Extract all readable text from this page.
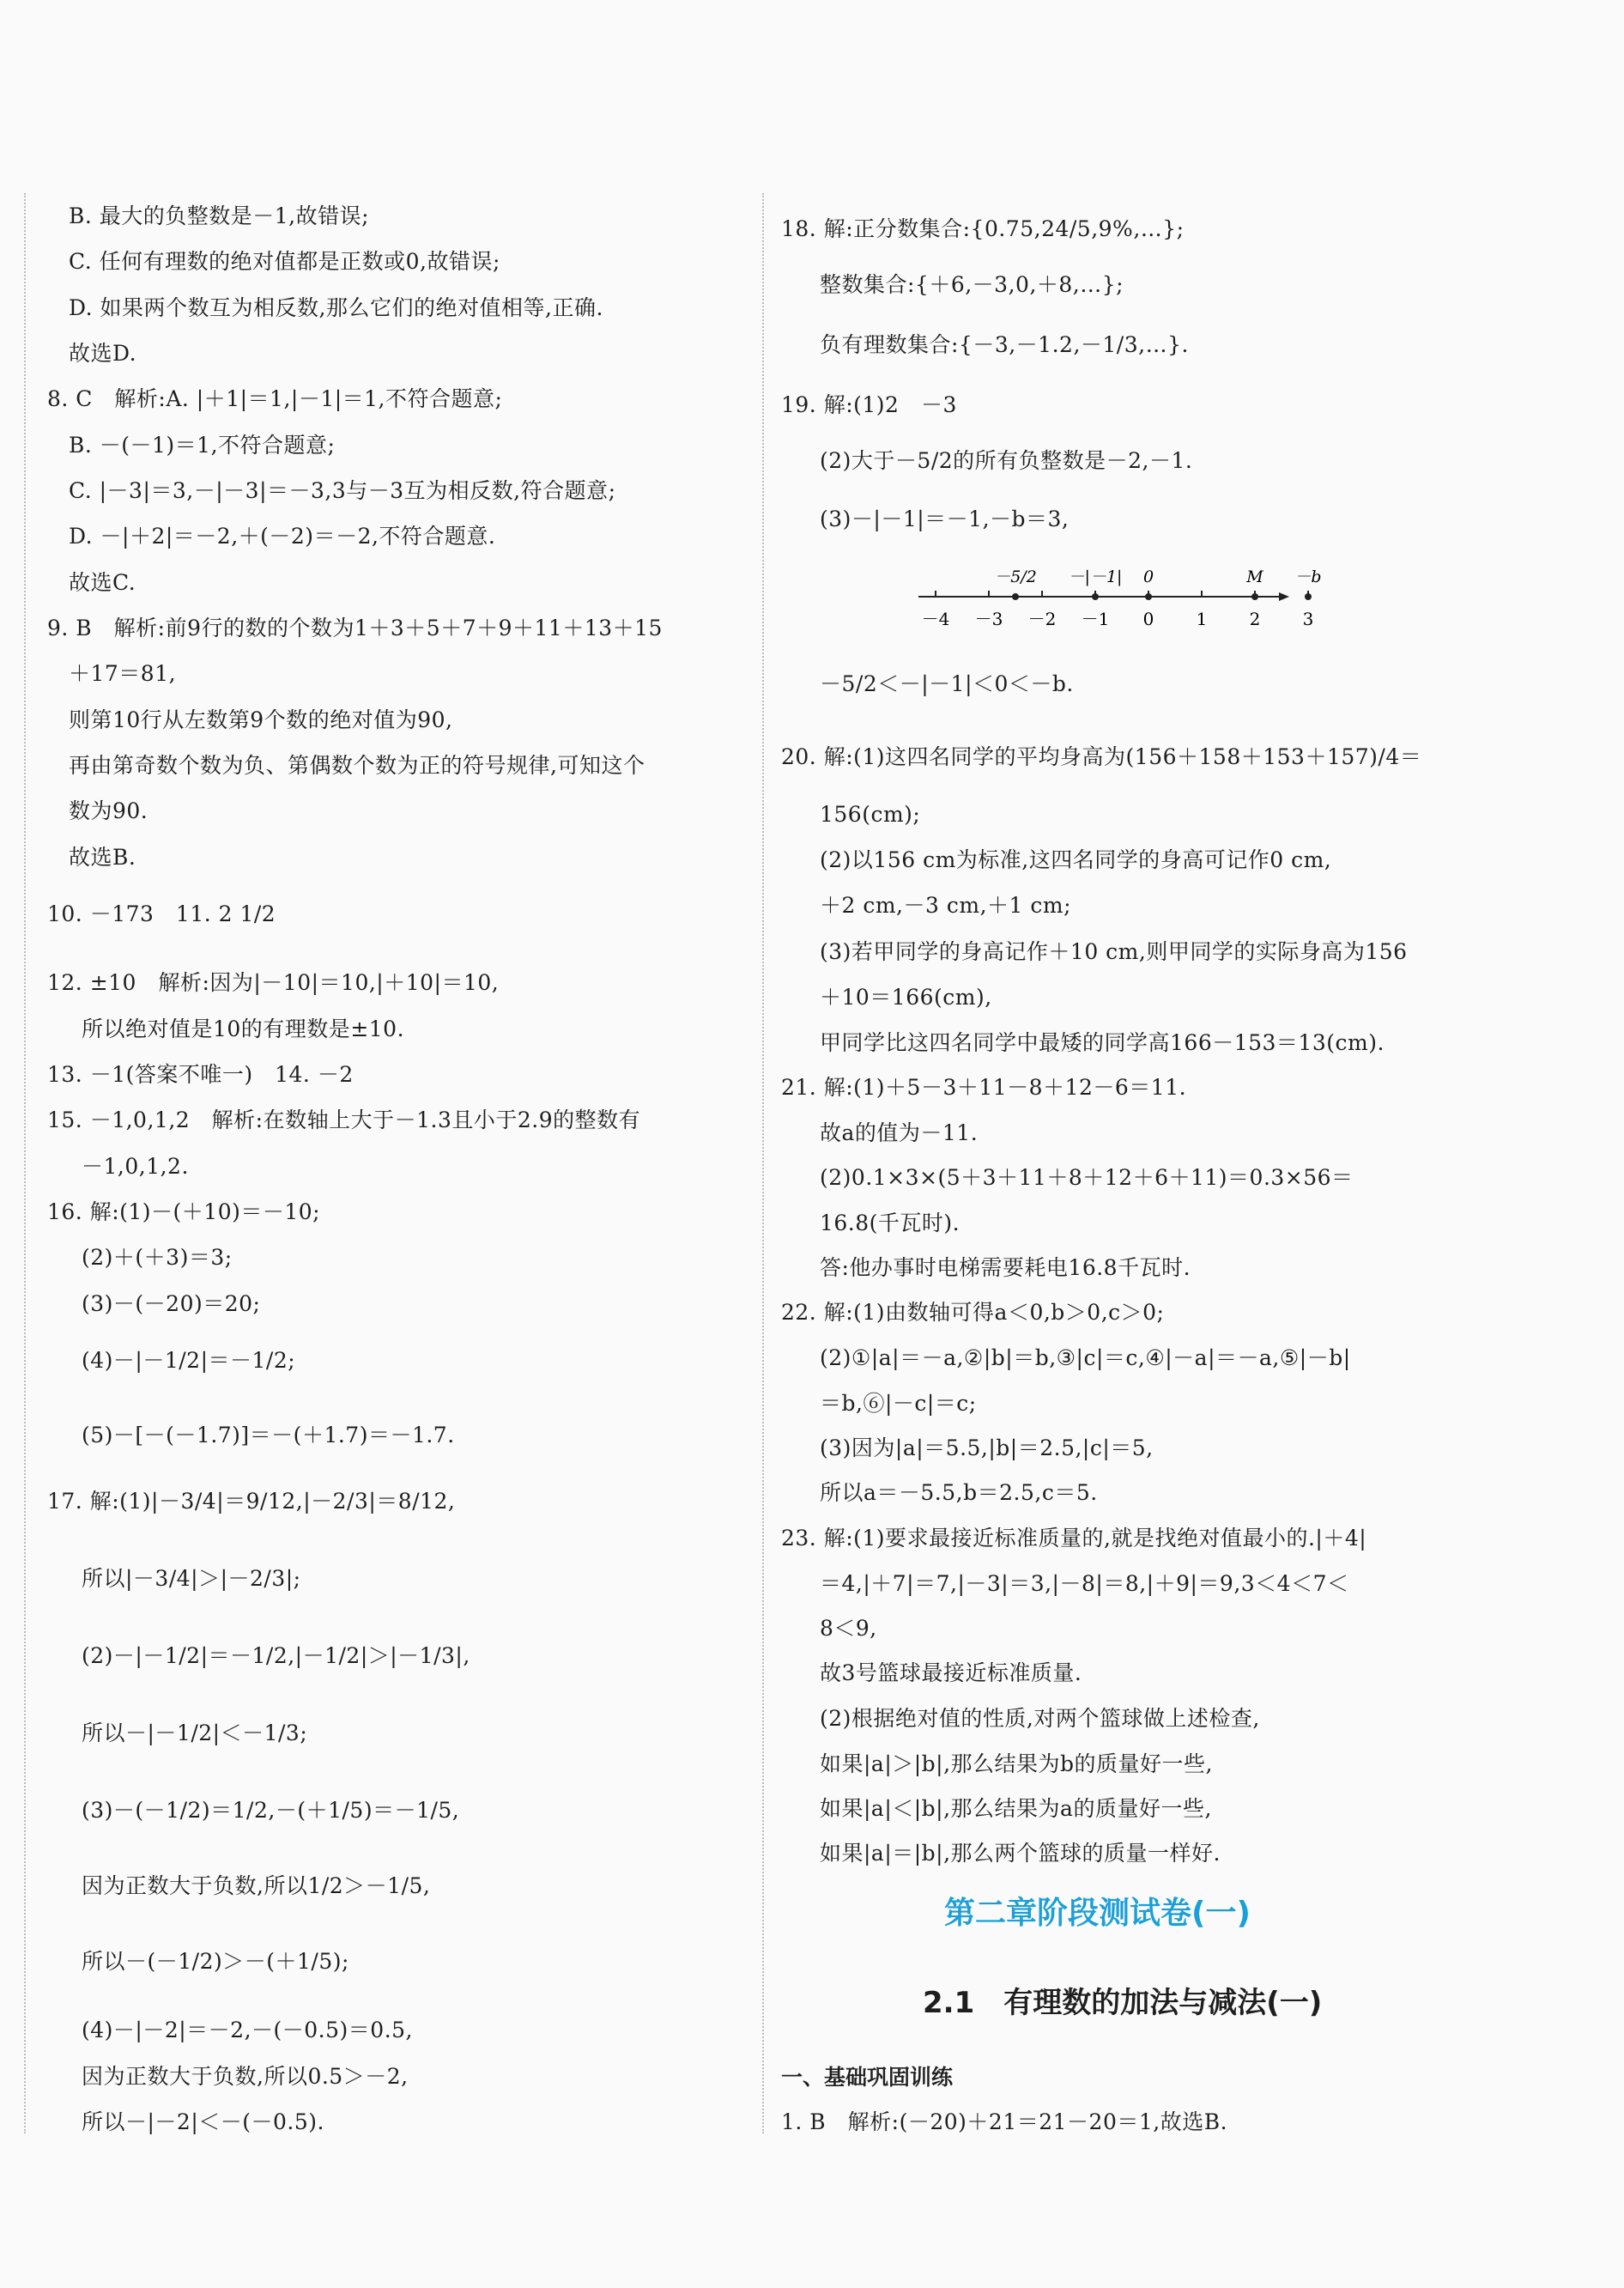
B. 最大的负整数是－1,故错误;
C. 任何有理数的绝对值都是正数或0,故错误;
D. 如果两个数互为相反数,那么它们的绝对值相等,正确.
故选D.
8. C　解析:A. |＋1|＝1,|－1|＝1,不符合题意;
B. －(－1)＝1,不符合题意;
C. |－3|＝3,－|－3|＝－3,3与－3互为相反数,符合题意;
D. －|＋2|＝－2,＋(－2)＝－2,不符合题意.
故选C.
9. B　解析:前9行的数的个数为1＋3＋5＋7＋9＋11＋13＋15
＋17＝81,
则第10行从左数第9个数的绝对值为90,
再由第奇数个数为负、第偶数个数为正的符号规律,可知这个
数为90.
故选B.
10. －173　11. 2 1/2
12. ±10　解析:因为|－10|＝10,|＋10|＝10,
所以绝对值是10的有理数是±10.
13. －1(答案不唯一)　14. －2
15. －1,0,1,2　解析:在数轴上大于－1.3且小于2.9的整数有
－1,0,1,2.
16. 解:(1)－(＋10)＝－10;
(2)＋(＋3)＝3;
(3)－(－20)＝20;
(4)－|－1/2|＝－1/2;
(5)－[－(－1.7)]＝－(＋1.7)＝－1.7.
17. 解:(1)|－3/4|＝9/12,|－2/3|＝8/12,
所以|－3/4|＞|－2/3|;
(2)－|－1/2|＝－1/2,|－1/2|＞|－1/3|,
所以－|－1/2|＜－1/3;
(3)－(－1/2)＝1/2,－(＋1/5)＝－1/5,
因为正数大于负数,所以1/2＞－1/5,
所以－(－1/2)＞－(＋1/5);
(4)－|－2|＝－2,－(－0.5)＝0.5,
因为正数大于负数,所以0.5＞－2,
所以－|－2|＜－(－0.5).
18. 解:正分数集合:{0.75,24/5,9%,…};
整数集合:{＋6,－3,0,＋8,…};
负有理数集合:{－3,－1.2,－1/3,…}.
19. 解:(1)2　－3
(2)大于－5/2的所有负整数是－2,－1.
(3)－|－1|＝－1,－b＝3,
－4 －3 －2 －1 0 1 2 3
－5/2 －|－1| 0	M －b
－5/2＜－|－1|＜0＜－b.
20. 解:(1)这四名同学的平均身高为(156＋158＋153＋157)/4＝
156(cm);
(2)以156 cm为标准,这四名同学的身高可记作0 cm,
＋2 cm,－3 cm,＋1 cm;
(3)若甲同学的身高记作＋10 cm,则甲同学的实际身高为156
＋10＝166(cm),
甲同学比这四名同学中最矮的同学高166－153＝13(cm).
21. 解:(1)＋5－3＋11－8＋12－6＝11.
故a的值为－11.
(2)0.1×3×(5＋3＋11＋8＋12＋6＋11)＝0.3×56＝
16.8(千瓦时).
答:他办事时电梯需要耗电16.8千瓦时.
22. 解:(1)由数轴可得a＜0,b＞0,c＞0;
(2)①|a|＝－a,②|b|＝b,③|c|＝c,④|－a|＝－a,⑤|－b|
＝b,⑥|－c|＝c;
(3)因为|a|＝5.5,|b|＝2.5,|c|＝5,
所以a＝－5.5,b＝2.5,c＝5.
23. 解:(1)要求最接近标准质量的,就是找绝对值最小的.|＋4|
＝4,|＋7|＝7,|－3|＝3,|－8|＝8,|＋9|＝9,3＜4＜7＜
8＜9,
故3号篮球最接近标准质量.
(2)根据绝对值的性质,对两个篮球做上述检查,
如果|a|＞|b|,那么结果为b的质量好一些,
如果|a|＜|b|,那么结果为a的质量好一些,
如果|a|＝|b|,那么两个篮球的质量一样好.
第二章阶段测试卷(一)
2.1　有理数的加法与减法(一)
一、基础巩固训练
1. B　解析:(－20)＋21＝21－20＝1,故选B.
